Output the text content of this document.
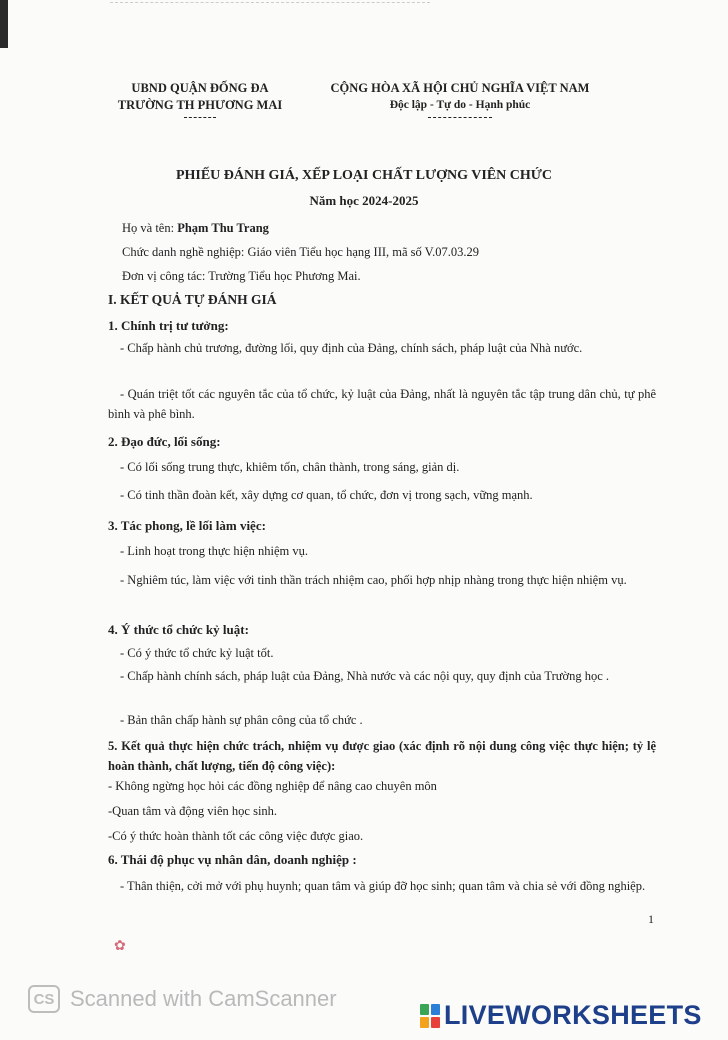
UBND QUẬN ĐỐNG ĐA
TRƯỜNG TH PHƯƠNG MAI
CỘNG HÒA XÃ HỘI CHỦ NGHĨA VIỆT NAM
Độc lập - Tự do - Hạnh phúc
PHIẾU ĐÁNH GIÁ, XẾP LOẠI CHẤT LƯỢNG VIÊN CHỨC
Năm học 2024-2025
Họ và tên: Phạm Thu Trang
Chức danh nghề nghiệp: Giáo viên Tiểu học hạng III, mã số V.07.03.29
Đơn vị công tác: Trường Tiểu học Phương Mai.
I. KẾT QUẢ TỰ ĐÁNH GIÁ
1. Chính trị tư tưởng:
- Chấp hành chủ trương, đường lối, quy định của Đảng, chính sách, pháp luật của Nhà nước.
- Quán triệt tốt các nguyên tắc của tổ chức, kỷ luật của Đảng, nhất là nguyên tắc tập trung dân chủ, tự phê bình và phê bình.
2. Đạo đức, lối sống:
- Có lối sống trung thực, khiêm tốn, chân thành, trong sáng, giản dị.
- Có tinh thần đoàn kết, xây dựng cơ quan, tổ chức, đơn vị trong sạch, vững mạnh.
3. Tác phong, lề lối làm việc:
- Linh hoạt trong thực hiện nhiệm vụ.
- Nghiêm túc, làm việc với tinh thần trách nhiệm cao, phối hợp nhịp nhàng trong thực hiện nhiệm vụ.
4. Ý thức tổ chức kỷ luật:
- Có ý thức tổ chức kỷ luật tốt.
- Chấp hành chính sách, pháp luật của Đảng, Nhà nước và các nội quy, quy định của Trường học .
- Bản thân chấp hành sự phân công của tổ chức .
5. Kết quả thực hiện chức trách, nhiệm vụ được giao (xác định rõ nội dung công việc thực hiện; tỷ lệ hoàn thành, chất lượng, tiến độ công việc):
- Không ngừng học hỏi các đồng nghiệp để nâng cao chuyên môn
-Quan tâm và động viên học sinh.
-Có ý thức hoàn thành tốt các công việc được giao.
6. Thái độ phục vụ nhân dân, doanh nghiệp :
- Thân thiện, cởi mở với phụ huynh; quan tâm và giúp đỡ học sinh; quan tâm và chia sẻ với đồng nghiệp.
1
✿
CS Scanned with CamScanner
LIVEWORKSHEETS
